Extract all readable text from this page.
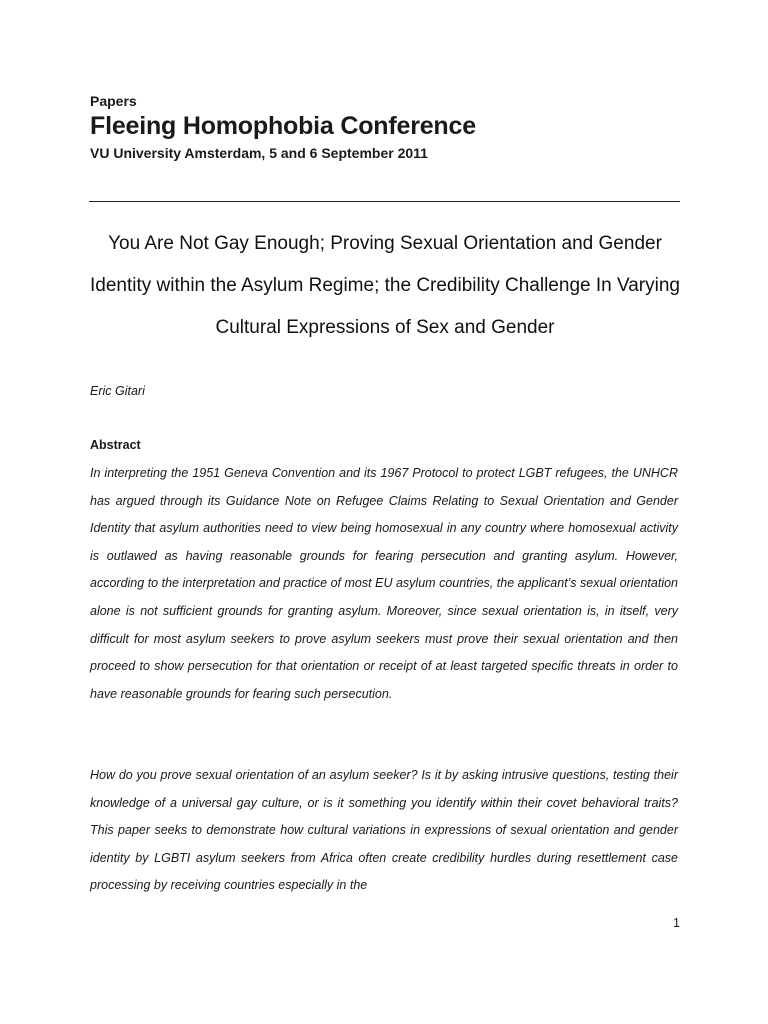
Papers
Fleeing Homophobia Conference
VU University Amsterdam, 5 and 6 September 2011
You Are Not Gay Enough; Proving Sexual Orientation and Gender Identity within the Asylum Regime; the Credibility Challenge In Varying Cultural Expressions of Sex and Gender
Eric Gitari
Abstract

In interpreting the 1951 Geneva Convention and its 1967 Protocol to protect LGBT refugees, the UNHCR has argued through its Guidance Note on Refugee Claims Relating to Sexual Orientation and Gender Identity that asylum authorities need to view being homosexual in any country where homosexual activity is outlawed as having reasonable grounds for fearing persecution and granting asylum. However, according to the interpretation and practice of most EU asylum countries, the applicant’s sexual orientation alone is not sufficient grounds for granting asylum. Moreover, since sexual orientation is, in itself, very difficult for most asylum seekers to prove asylum seekers must prove their sexual orientation and then proceed to show persecution for that orientation or receipt of at least targeted specific threats in order to have reasonable grounds for fearing such persecution.

How do you prove sexual orientation of an asylum seeker? Is it by asking intrusive questions, testing their knowledge of a universal gay culture, or is it something you identify within their covet behavioral traits? This paper seeks to demonstrate how cultural variations in expressions of sexual orientation and gender identity by LGBTI asylum seekers from Africa often create credibility hurdles during resettlement case processing by receiving countries especially in the

1
